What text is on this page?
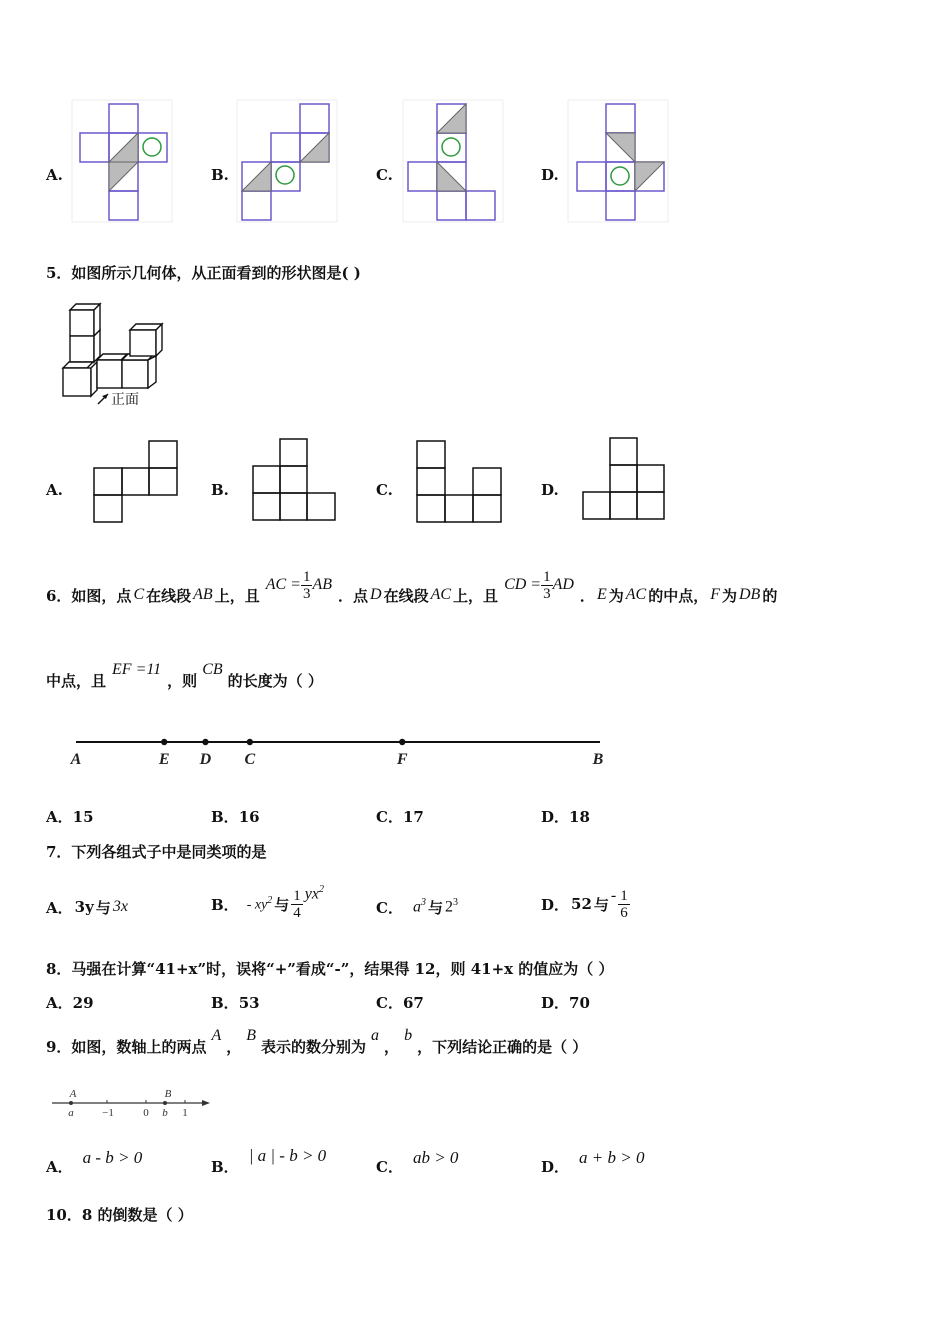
A.	B.	C.	D.
5．如图所示几何体，从正面看到的形状图是( )
正面
A.	B.	C.	D.
6．如图，点 C 在线段 AB 上，且
AC = $\frac{1}{3}$ AB
．点 D 在线段 AC 上，且
CD = $\frac{1}{3}$ AD
． E 为 AC 的中点， F 为 DB 的
中点，且
EF =11
，则
CB
的长度为（ ）
A	E D C	F	B
A．15	B．16	C．17	D．18
7．下列各组式子中是同类项的是
A． 3y 与 3x	B． - $xy^2$ 与 $\frac{1}{4} yx^2$
C． $a^3$ 与 $2^3$	D． 52 与 - $\frac{1}{6}$
8．马强在计算“41+x”时，误将“+”看成“-”，结果得 12，则 41+x 的值应为（ ）
A．29	B．53	C．67	D．70
9．如图，数轴上的两点
A
，
B
表示的数分别为
a
，
b
，下列结论正确的是（ ）
A	B
a	−1	0 b 1
A． a - b > 0	B．
| a | - b > 0
C． ab > 0	D． a + b > 0
10．8 的倒数是（ ）
